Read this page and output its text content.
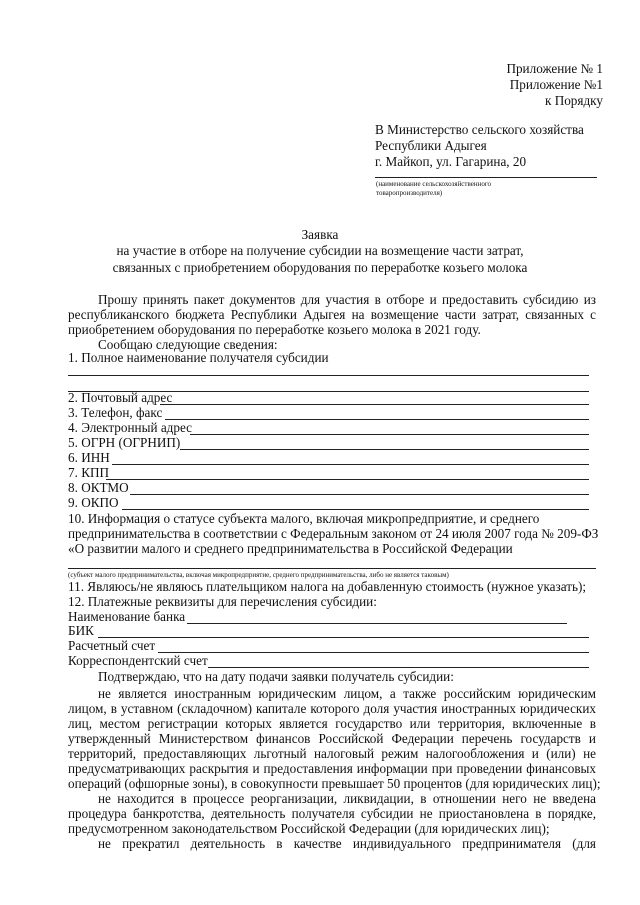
Приложение № 1
Приложение №1
к Порядку
В Министерство сельского хозяйства
Республики Адыгея
г. Майкоп, ул. Гагарина, 20
(наименование сельскохозяйственного
товаропроизводителя)
Заявка
на участие в отборе на получение субсидии на возмещение части затрат,
связанных с приобретением оборудования по переработке козьего молока
Прошу принять пакет документов для участия в отборе и предоставить субсидию из
республиканского бюджета Республики Адыгея на возмещение части затрат, связанных с
приобретением оборудования по переработке козьего молока в 2021 году.
Сообщаю следующие сведения:
1. Полное наименование получателя субсидии
2. Почтовый адрес
3. Телефон, факс
4. Электронный адрес
5. ОГРН (ОГРНИП)
6. ИНН
7. КПП
8. ОКТМО
9. ОКПО
10. Информация о статусе субъекта малого, включая микропредприятие, и среднего
предпринимательства в соответствии с Федеральным законом от 24 июля 2007 года № 209-ФЗ
«О развитии малого и среднего предпринимательства в Российской Федерации
(субъект малого предпринимательства, включая микропредприятие, среднего предпринимательства, либо не является таковым)
11. Являюсь/не являюсь плательщиком налога на добавленную стоимость (нужное указать);
12. Платежные реквизиты для перечисления субсидии:
Наименование банка
БИК
Расчетный счет
Корреспондентский счет
Подтверждаю, что на дату подачи заявки получатель субсидии:
не является иностранным юридическим лицом, а также российским юридическим
лицом, в уставном (складочном) капитале которого доля участия иностранных юридических
лиц, местом регистрации которых является государство или территория, включенные в
утвержденный Министерством финансов Российской Федерации перечень государств и
территорий, предоставляющих льготный налоговый режим налогообложения и (или) не
предусматривающих раскрытия и предоставления информации при проведении финансовых
операций (офшорные зоны), в совокупности превышает 50 процентов (для юридических лиц);
не находится в процессе реорганизации, ликвидации, в отношении него не введена
процедура банкротства, деятельность получателя субсидии не приостановлена в порядке,
предусмотренном законодательством Российской Федерации (для юридических лиц);
не прекратил деятельность в качестве индивидуального предпринимателя (для
